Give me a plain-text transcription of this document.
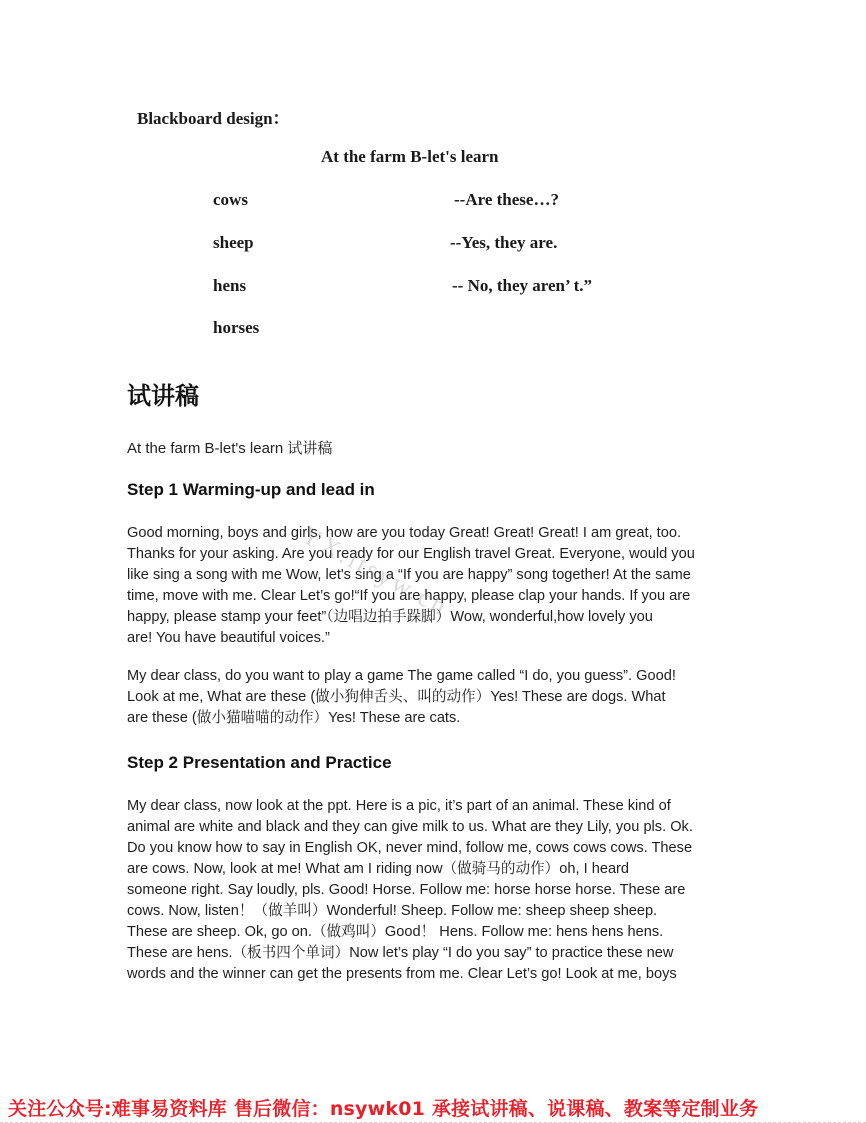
Blackboard design：
At the farm B-let's learn
cows
sheep
hens
horses
--Are these…?
--Yes, they are.
-- No, they aren’ t.”
试讲稿
At the farm B-let's learn 试讲稿
Step 1 Warming-up and lead in

Good morning, boys and girls, how are you today Great! Great! Great! I am great, too.
Thanks for your asking. Are you ready for our English travel Great. Everyone, would you
like sing a song with me Wow, let's sing a “If you are happy” song together! At the same
time, move with me. Clear Let’s go!“If you are happy, please clap your hands. If you are
happy, please stamp your feet”（边唱边拍手跺脚）Wow, wonderful,how lovely you
are! You have beautiful voices.”

My dear class, do you want to play a game The game called “I do, you guess”. Good!
Look at me, What are these (做小狗伸舌头、叫的动作）Yes! These are dogs. What
are these (做小猫喵喵的动作）Yes! These are cats.

Step 2 Presentation and Practice

My dear class, now look at the ppt. Here is a pic, it’s part of an animal. These kind of
animal are white and black and they can give milk to us. What are they Lily, you pls. Ok.
Do you know how to say in English OK, never mind, follow me, cows cows cows. These
are cows. Now, look at me! What am I riding now（做骑马的动作）oh, I heard
someone right. Say loudly, pls. Good! Horse. Follow me: horse horse horse. These are
cows. Now, listen！（做羊叫）Wonderful! Sheep. Follow me: sheep sheep sheep.
These are sheep. Ok, go on.（做鸡叫）Good！ Hens. Follow me: hens hens hens.
These are hens.（板书四个单词）Now let’s play “I do you say” to practice these new
words and the winner can get the presents from me. Clear Let’s go! Look at me, boys

YX.ltsyw.cn
关注公众号:难事易资料库 售后微信：nsywk01 承接试讲稿、说课稿、教案等定制业务
